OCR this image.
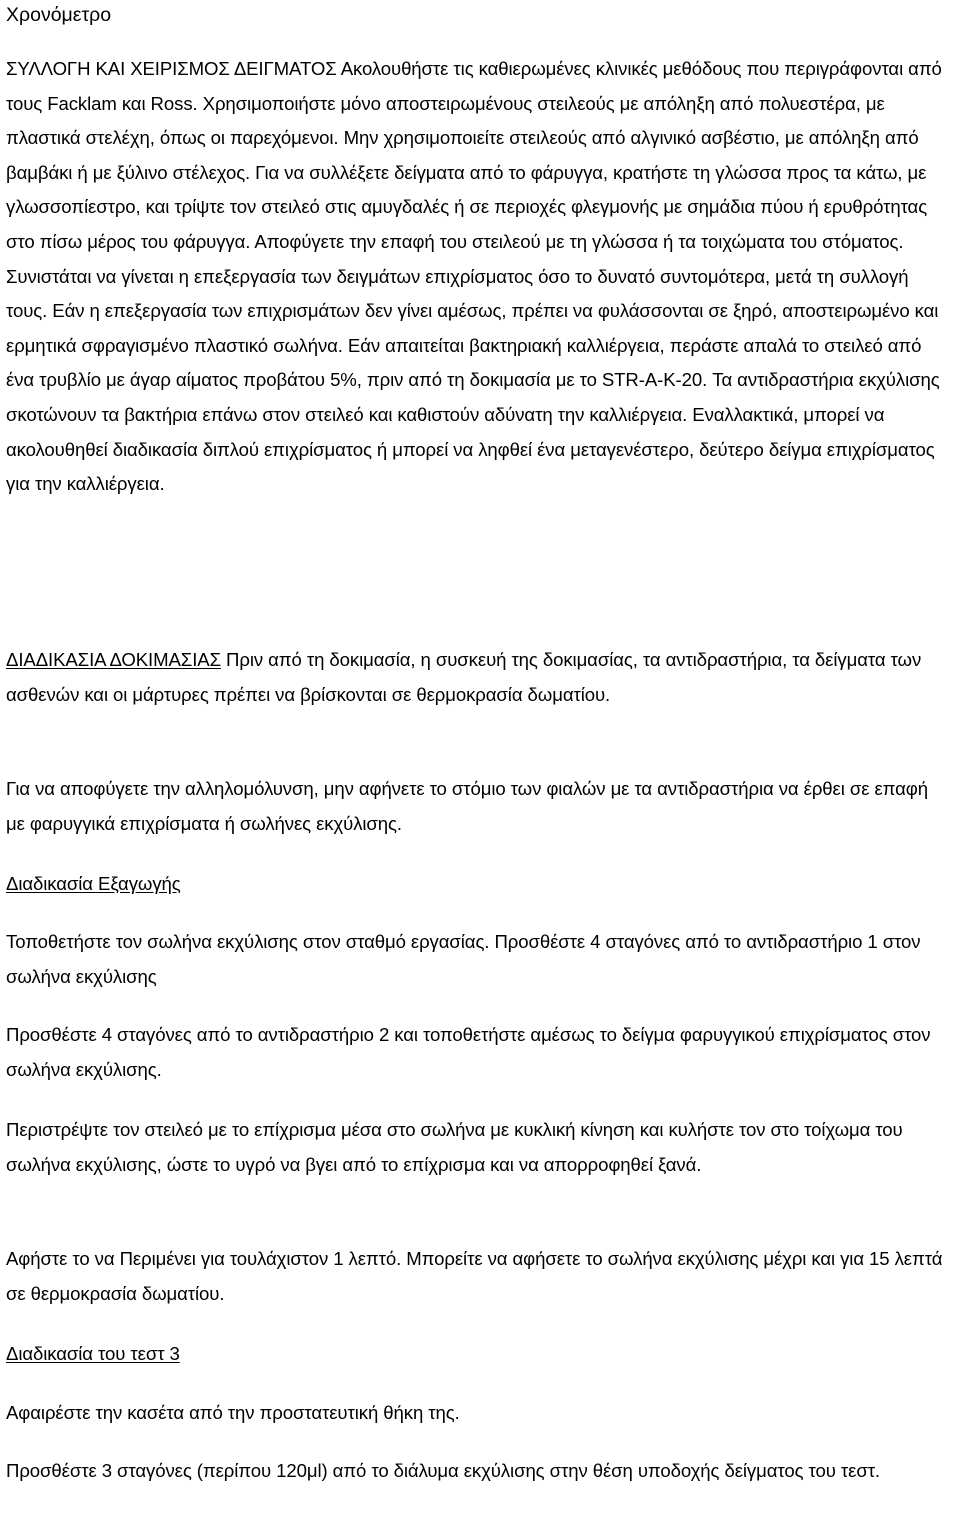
Χρονόμετρο

ΣΥΛΛΟΓΗ ΚΑΙ ΧΕΙΡΙΣΜΟΣ ΔΕΙΓΜΑΤΟΣ Ακολουθήστε τις καθιερωμένες κλινικές μεθόδους που περιγράφονται από τους Facklam και Ross. Χρησιμοποιήστε μόνο αποστειρωμένους στειλεούς με απόληξη από πολυεστέρα, με πλαστικά στελέχη, όπως οι παρεχόμενοι. Μην χρησιμοποιείτε στειλεούς από αλγινικό ασβέστιο, με απόληξη από βαμβάκι ή με ξύλινο στέλεχος. Για να συλλέξετε δείγματα από το φάρυγγα, κρατήστε τη γλώσσα προς τα κάτω, με γλωσσοπίεστρο, και τρίψτε τον στειλεό στις αμυγδαλές ή σε περιοχές φλεγμονής με σημάδια πύου ή ερυθρότητας στο πίσω μέρος του φάρυγγα. Αποφύγετε την επαφή του στειλεού με τη γλώσσα ή τα τοιχώματα του στόματος. Συνιστάται να γίνεται η επεξεργασία των δειγμάτων επιχρίσματος όσο το δυνατό συντομότερα, μετά τη συλλογή τους. Εάν η επεξεργασία των επιχρισμάτων δεν γίνει αμέσως, πρέπει να φυλάσσονται σε ξηρό, αποστειρωμένο και ερμητικά σφραγισμένο πλαστικό σωλήνα. Εάν απαιτείται βακτηριακή καλλιέργεια, περάστε απαλά το στειλεό από ένα τρυβλίο με άγαρ αίματος προβάτου 5%, πριν από τη δοκιμασία με το STR-A-K-20. Τα αντιδραστήρια εκχύλισης σκοτώνουν τα βακτήρια επάνω στον στειλεό και καθιστούν αδύνατη την καλλιέργεια. Εναλλακτικά, μπορεί να ακολουθηθεί διαδικασία διπλού επιχρίσματος ή μπορεί να ληφθεί ένα μεταγενέστερο, δεύτερο δείγμα επιχρίσματος για την καλλιέργεια.

ΔΙΑΔΙΚΑΣΙΑ ΔΟΚΙΜΑΣΙΑΣ Πριν από τη δοκιμασία, η συσκευή της δοκιμασίας, τα αντιδραστήρια, τα δείγματα των ασθενών και οι μάρτυρες πρέπει να βρίσκονται σε θερμοκρασία δωματίου.

Για να αποφύγετε την αλληλομόλυνση, μην αφήνετε το στόμιο των φιαλών με τα αντιδραστήρια να έρθει σε επαφή με φαρυγγικά επιχρίσματα ή σωλήνες εκχύλισης.

Διαδικασία Εξαγωγής

Τοποθετήστε τον σωλήνα εκχύλισης στον σταθμό εργασίας. Προσθέστε 4 σταγόνες από το αντιδραστήριο 1 στον σωλήνα εκχύλισης

Προσθέστε 4 σταγόνες από το αντιδραστήριο 2 και τοποθετήστε αμέσως το δείγμα φαρυγγικού επιχρίσματος στον σωλήνα εκχύλισης.

Περιστρέψτε τον στειλεό με το επίχρισμα μέσα στο σωλήνα με κυκλική κίνηση και κυλήστε τον στο τοίχωμα του σωλήνα εκχύλισης, ώστε το υγρό να βγει από το επίχρισμα και να απορροφηθεί ξανά.

Αφήστε το να Περιμένει για τουλάχιστον 1 λεπτό. Μπορείτε να αφήσετε το σωλήνα εκχύλισης μέχρι και για 15 λεπτά σε θερμοκρασία δωματίου.

Διαδικασία του τεστ 3

Αφαιρέστε την κασέτα από την προστατευτική θήκη της.

Προσθέστε 3 σταγόνες (περίπου 120μl) από το διάλυμα εκχύλισης στην θέση υποδοχής δείγματος του τεστ.
